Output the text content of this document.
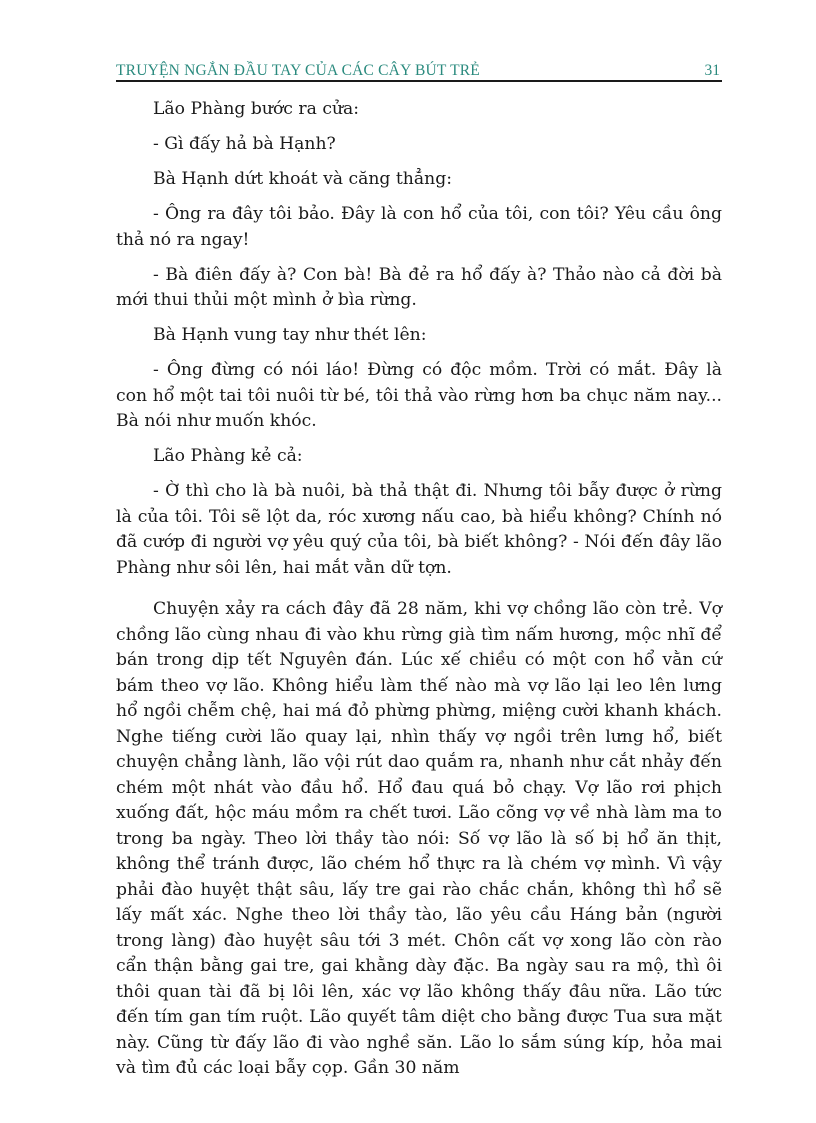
TRUYỆN NGẮN ĐẦU TAY CỦA CÁC CÂY BÚT TRẺ	31

Lão Phàng bước ra cửa:

- Gì đấy hả bà Hạnh?

Bà Hạnh dứt khoát và căng thẳng:

- Ông ra đây tôi bảo. Đây là con hổ của tôi, con tôi? Yêu cầu ông thả nó ra ngay!

- Bà điên đấy à? Con bà! Bà đẻ ra hổ đấy à? Thảo nào cả đời bà mới thui thủi một mình ở bìa rừng.

Bà Hạnh vung tay như thét lên:

- Ông đừng có nói láo! Đừng có độc mồm. Trời có mắt. Đây là con hổ một tai tôi nuôi từ bé, tôi thả vào rừng hơn ba chục năm nay... Bà nói như muốn khóc.

Lão Phàng kẻ cả:

- Ờ thì cho là bà nuôi, bà thả thật đi. Nhưng tôi bẫy được ở rừng là của tôi. Tôi sẽ lột da, róc xương nấu cao, bà hiểu không? Chính nó đã cướp đi người vợ yêu quý của tôi, bà biết không? - Nói đến đây lão Phàng như sôi lên, hai mắt vằn dữ tợn.

Chuyện xảy ra cách đây đã 28 năm, khi vợ chồng lão còn trẻ. Vợ chồng lão cùng nhau đi vào khu rừng già tìm nấm hương, mộc nhĩ để bán trong dịp tết Nguyên đán. Lúc xế chiều có một con hổ vằn cứ bám theo vợ lão. Không hiểu làm thế nào mà vợ lão lại leo lên lưng hổ ngồi chễm chệ, hai má đỏ phừng phừng, miệng cười khanh khách. Nghe tiếng cười lão quay lại, nhìn thấy vợ ngồi trên lưng hổ, biết chuyện chẳng lành, lão vội rút dao quắm ra, nhanh như cắt nhảy đến chém một nhát vào đầu hổ. Hổ đau quá bỏ chạy. Vợ lão rơi phịch xuống đất, hộc máu mồm ra chết tươi. Lão cõng vợ về nhà làm ma to trong ba ngày. Theo lời thầy tào nói: Số vợ lão là số bị hổ ăn thịt, không thể tránh được, lão chém hổ thực ra là chém vợ mình. Vì vậy phải đào huyệt thật sâu, lấy tre gai rào chắc chắn, không thì hổ sẽ lấy mất xác. Nghe theo lời thầy tào, lão yêu cầu Háng bản (người trong làng) đào huyệt sâu tới 3 mét. Chôn cất vợ xong lão còn rào cẩn thận bằng gai tre, gai khằng dày đặc. Ba ngày sau ra mộ, thì ôi thôi quan tài đã bị lôi lên, xác vợ lão không thấy đâu nữa. Lão tức đến tím gan tím ruột. Lão quyết tâm diệt cho bằng được Tua sưa mặt này. Cũng từ đấy lão đi vào nghề săn. Lão lo sắm súng kíp, hỏa mai và tìm đủ các loại bẫy cọp. Gần 30 năm
